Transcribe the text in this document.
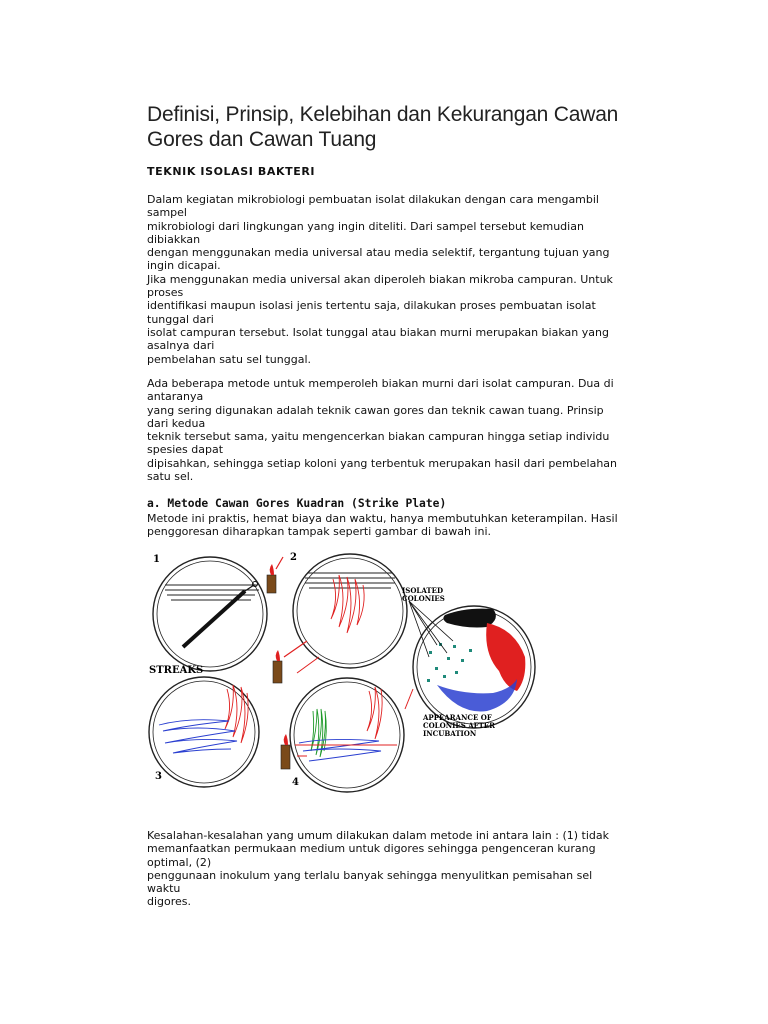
Definisi, Prinsip, Kelebihan dan Kekurangan Cawan Gores dan Cawan Tuang
TEKNIK ISOLASI BAKTERI
Dalam kegiatan mikrobiologi pembuatan isolat dilakukan dengan cara mengambil
sampel
mikrobiologi dari lingkungan yang ingin diteliti. Dari sampel tersebut kemudian
dibiakkan
dengan menggunakan media universal atau media selektif, tergantung tujuan yang
ingin dicapai.
Jika menggunakan media universal akan diperoleh biakan mikroba campuran. Untuk
proses
identifikasi maupun isolasi jenis tertentu saja, dilakukan proses pembuatan isolat
tunggal dari
isolat campuran tersebut. Isolat tunggal atau biakan murni merupakan biakan yang
asalnya dari
pembelahan satu sel tunggal.
Ada beberapa metode untuk memperoleh biakan murni dari isolat campuran. Dua di
antaranya
yang sering digunakan adalah teknik cawan gores dan teknik cawan tuang. Prinsip
dari kedua
teknik tersebut sama, yaitu mengencerkan biakan campuran hingga setiap individu
spesies dapat
dipisahkan, sehingga setiap koloni yang terbentuk merupakan hasil dari pembelahan
satu sel.
a. Metode Cawan Gores Kuadran (Strike Plate)
Metode ini praktis, hemat biaya dan waktu, hanya membutuhkan keterampilan. Hasil
penggoresan diharapkan tampak seperti gambar di bawah ini.
1	2
3
STREAKS
4
ISOLATED
COLONIES
APPEARANCE OF
COLONIES AFTER
INCUBATION
Kesalahan-kesalahan yang umum dilakukan dalam metode ini antara lain : (1) tidak
memanfaatkan permukaan medium untuk digores sehingga pengenceran kurang
optimal, (2)
penggunaan inokulum yang terlalu banyak sehingga menyulitkan pemisahan sel
waktu
digores.
